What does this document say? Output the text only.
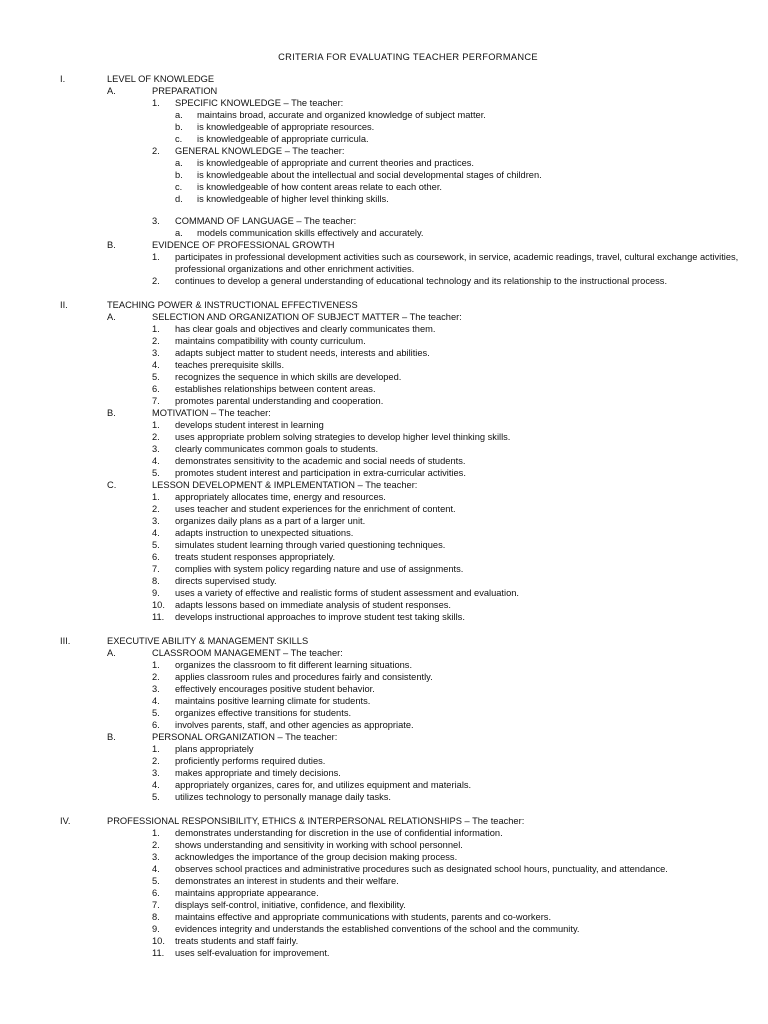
CRITERIA FOR EVALUATING TEACHER PERFORMANCE
I.	LEVEL OF KNOWLEDGE
A.	PREPARATION
1. SPECIFIC KNOWLEDGE – The teacher:
a. maintains broad, accurate and organized knowledge of subject matter.
b. is knowledgeable of appropriate resources.
c. is knowledgeable of appropriate curricula.
2. GENERAL KNOWLEDGE – The teacher:
a. is knowledgeable of appropriate and current theories and practices.
b. is knowledgeable about the intellectual and social developmental stages of children.
c. is knowledgeable of how content areas relate to each other.
d. is knowledgeable of higher level thinking skills.
3. COMMAND OF LANGUAGE – The teacher:
a. models communication skills effectively and accurately.
B.	EVIDENCE OF PROFESSIONAL GROWTH
1. participates in professional development activities such as coursework, in service, academic readings, travel, cultural exchange activities, professional organizations and other enrichment activities.
2. continues to develop a general understanding of educational technology and its relationship to the instructional process.
II.	TEACHING POWER & INSTRUCTIONAL EFFECTIVENESS
A.	SELECTION AND ORGANIZATION OF SUBJECT MATTER – The teacher:
1. has clear goals and objectives and clearly communicates them.
2. maintains compatibility with county curriculum.
3. adapts subject matter to student needs, interests and abilities.
4. teaches prerequisite skills.
5. recognizes the sequence in which skills are developed.
6. establishes relationships between content areas.
7. promotes parental understanding and cooperation.
B.	MOTIVATION – The teacher:
1. develops student interest in learning
2. uses appropriate problem solving strategies to develop higher level thinking skills.
3. clearly communicates common goals to students.
4. demonstrates sensitivity to the academic and social needs of students.
5. promotes student interest and participation in extra-curricular activities.
C.	LESSON DEVELOPMENT & IMPLEMENTATION – The teacher:
1. appropriately allocates time, energy and resources.
2. uses teacher and student experiences for the enrichment of content.
3. organizes daily plans as a part of a larger unit.
4. adapts instruction to unexpected situations.
5. simulates student learning through varied questioning techniques.
6. treats student responses appropriately.
7. complies with system policy regarding nature and use of assignments.
8. directs supervised study.
9. uses a variety of effective and realistic forms of student assessment and evaluation.
10. adapts lessons based on immediate analysis of student responses.
11. develops instructional approaches to improve student test taking skills.
III.	EXECUTIVE ABILITY & MANAGEMENT SKILLS
A.	CLASSROOM MANAGEMENT – The teacher:
1. organizes the classroom to fit different learning situations.
2. applies classroom rules and procedures fairly and consistently.
3. effectively encourages positive student behavior.
4. maintains positive learning climate for students.
5. organizes effective transitions for students.
6. involves parents, staff, and other agencies as appropriate.
B.	PERSONAL ORGANIZATION – The teacher:
1. plans appropriately
2. proficiently performs required duties.
3. makes appropriate and timely decisions.
4. appropriately organizes, cares for, and utilizes equipment and materials.
5. utilizes technology to personally manage daily tasks.
IV.	PROFESSIONAL RESPONSIBILITY, ETHICS & INTERPERSONAL RELATIONSHIPS – The teacher:
1. demonstrates understanding for discretion in the use of confidential information.
2. shows understanding and sensitivity in working with school personnel.
3. acknowledges the importance of the group decision making process.
4. observes school practices and administrative procedures such as designated school hours, punctuality, and attendance.
5. demonstrates an interest in students and their welfare.
6. maintains appropriate appearance.
7. displays self-control, initiative, confidence, and flexibility.
8. maintains effective and appropriate communications with students, parents and co-workers.
9. evidences integrity and understands the established conventions of the school and the community.
10. treats students and staff fairly.
11. uses self-evaluation for improvement.
